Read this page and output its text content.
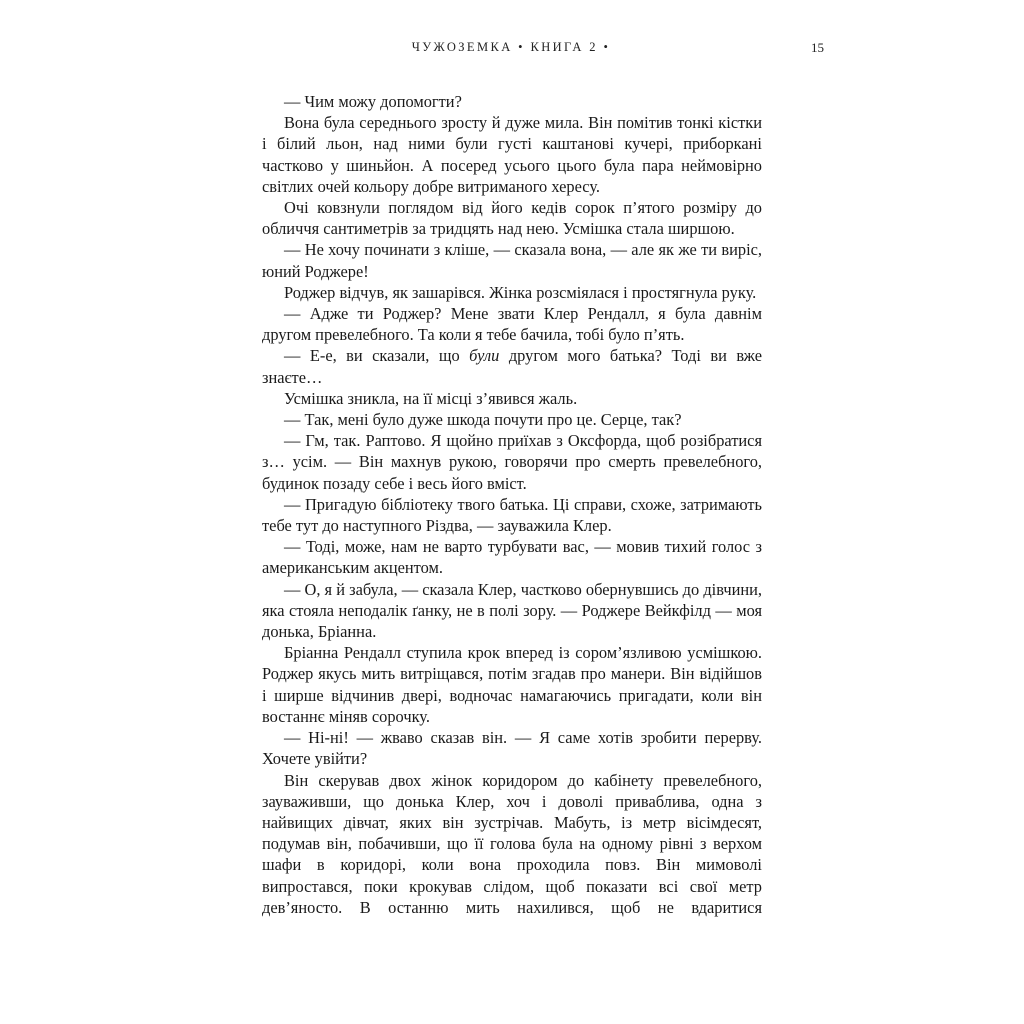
ЧУЖОЗЕМКА • КНИГА 2 •	15

— Чим можу допомогти?

Вона була середнього зросту й дуже мила. Він помітив тонкі кістки і білий льон, над ними були густі каштанові кучері, приборкані частково у шиньйон. А посеред усього цього була пара неймовірно світлих очей кольору добре витриманого хересу.

Очі ковзнули поглядом від його кедів сорок п’ятого розміру до обличчя сантиметрів за тридцять над нею. Усмішка стала ширшою.

— Не хочу починати з кліше, — сказала вона, — але як же ти виріс, юний Роджере!

Роджер відчув, як зашарівся. Жінка розсміялася і простягнула руку.

— Адже ти Роджер? Мене звати Клер Рендалл, я була давнім другом превелебного. Та коли я тебе бачила, тобі було п’ять.

— Е-е, ви сказали, що були другом мого батька? Тоді ви вже знаєте…

Усмішка зникла, на її місці з’явився жаль.

— Так, мені було дуже шкода почути про це. Серце, так?

— Гм, так. Раптово. Я щойно приїхав з Оксфорда, щоб розібратися з… усім. — Він махнув рукою, говорячи про смерть превелебного, будинок позаду себе і весь його вміст.

— Пригадую бібліотеку твого батька. Ці справи, схоже, затримають тебе тут до наступного Різдва, — зауважила Клер.

— Тоді, може, нам не варто турбувати вас, — мовив тихий голос з американським акцентом.

— О, я й забула, — сказала Клер, частково обернувшись до дівчини, яка стояла неподалік ґанку, не в полі зору. — Роджере Вейкфілд — моя донька, Бріанна.

Бріанна Рендалл ступила крок вперед із сором’язливою усмішкою. Роджер якусь мить витріщався, потім згадав про манери. Він відійшов і ширше відчинив двері, водночас намагаючись пригадати, коли він востаннє міняв сорочку.

— Ні-ні! — жваво сказав він. — Я саме хотів зробити перерву. Хочете увійти?

Він скерував двох жінок коридором до кабінету превелебного, зауваживши, що донька Клер, хоч і доволі приваблива, одна з найвищих дівчат, яких він зустрічав. Мабуть, із метр вісімдесят, подумав він, побачивши, що її голова була на одному рівні з верхом шафи в коридорі, коли вона проходила повз. Він мимоволі випростався, поки крокував слідом, щоб показати всі свої метр дев’яносто. В останню мить нахилився, щоб не вдаритися
